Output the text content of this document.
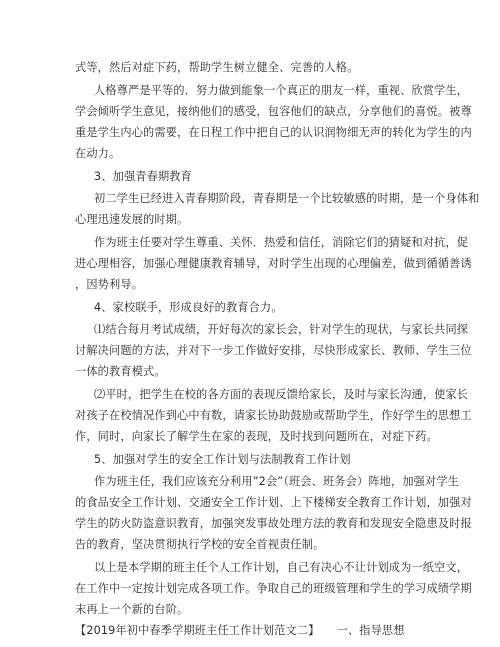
式等，然后对症下药，帮助学生树立健全、完善的人格。
人格尊严是平等的．努力做到能象一个真正的朋友一样，重视、欣赏学生，
学会倾听学生意见，接纳他们的感受，包容他们的缺点，分享他们的喜悦。被尊
重是学生内心的需要，在日程工作中把自己的认识润物细无声的转化为学生的内
在动力。
3、加强青春期教育
初二学生已经进入青春期阶段，青春期是一个比较敏感的时期，是一个身体和
心理迅速发展的时期。
作为班主任要对学生尊重、关怀．热爱和信任，消除它们的猜疑和对抗，促
进心理相容，加强心理健康教育辅导，对时学生出现的心理偏差，做到循循善诱
，因势利导。
4、家校联手，形成良好的教育合力。
⑴结合每月考试成绩，开好每次的家长会，针对学生的现状，与家长共同探
讨解决问题的方法，并对下一步工作做好安排，尽快形成家长、教师、学生三位
一体的教育模式。
⑵平时，把学生在校的各方面的表现反馈给家长，及时与家长沟通，使家长
对孩子在校情况作到心中有数，请家长协助鼓励或帮助学生，作好学生的思想工
作，同时，向家长了解学生在家的表现，及时找到问题所在，对症下药。
5、加强对学生的安全工作计划与法制教育工作计划
作为班主任，我们应该充分利用”2会”（班会、班务会）阵地，加强对学生
的食品安全工作计划、交通安全工作计划、上下楼梯安全教育工作计划，加强对
学生的防火防盗意识教育，加强突发事故处理方法的教育和发现安全隐患及时报
告的教育，坚决贯彻执行学校的安全首视责任制。
以上是本学期的班主任个人工作计划，自己有决心不让计划成为一纸空文，
在工作中一定按计划完成各项工作。争取自己的班级管理和学生的学习成绩学期
末再上一个新的台阶。
【2019年初中春季学期班主任工作计划范文二】　　一、指导思想
